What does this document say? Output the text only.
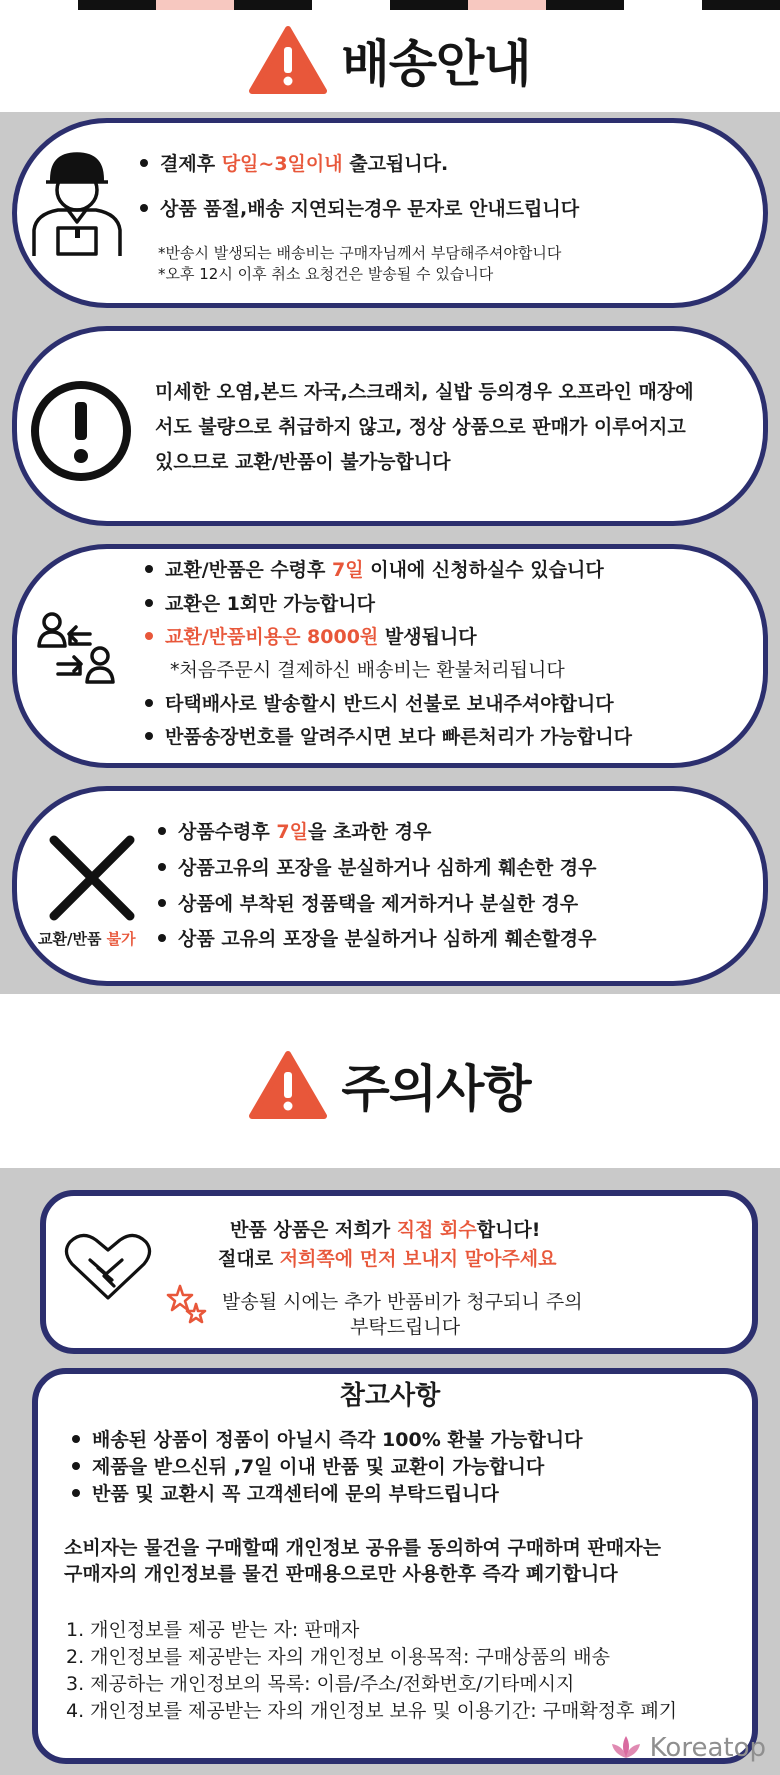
배송안내
결제후 당일~3일이내 출고됩니다.
상품 품절,배송 지연되는경우 문자로 안내드립니다
*반송시 발생되는 배송비는 구매자님께서 부담해주셔야합니다
*오후 12시 이후 취소 요청건은 발송될 수 있습니다
미세한 오염,본드 자국,스크래치, 실밥 등의경우 오프라인 매장에
서도 불량으로 취급하지 않고, 정상 상품으로 판매가 이루어지고
있으므로 교환/반품이 불가능합니다
교환/반품은 수령후 7일 이내에 신청하실수 있습니다
교환은 1회만 가능합니다
교환/반품비용은 8000원 발생됩니다
*처음주문시 결제하신 배송비는 환불처리됩니다
타택배사로 발송할시 반드시 선불로 보내주셔야합니다
반품송장번호를 알려주시면 보다 빠른처리가 가능합니다
교환/반품 불가
상품수령후 7일을 초과한 경우
상품고유의 포장을 분실하거나 심하게 훼손한 경우
상품에 부착된 정품택을 제거하거나 분실한 경우
상품 고유의 포장을 분실하거나 심하게 훼손할경우
주의사항
반품 상품은 저희가 직접 회수합니다!
절대로 저희쪽에 먼저 보내지 말아주세요
발송될 시에는 추가 반품비가 청구되니 주의
부탁드립니다
참고사항
배송된 상품이 정품이 아닐시 즉각 100% 환불 가능합니다
제품을 받으신뒤 ,7일 이내 반품 및 교환이 가능합니다
반품 및 교환시 꼭 고객센터에 문의 부탁드립니다
소비자는 물건을 구매할때 개인정보 공유를 동의하여 구매하며 판매자는
구매자의 개인정보를 물건 판매용으로만 사용한후 즉각 폐기합니다
1. 개인정보를 제공 받는 자: 판매자
2. 개인정보를 제공받는 자의 개인정보 이용목적: 구매상품의 배송
3. 제공하는 개인정보의 목록: 이름/주소/전화번호/기타메시지
4. 개인정보를 제공받는 자의 개인정보 보유 및 이용기간: 구매확정후 폐기
Koreatop
